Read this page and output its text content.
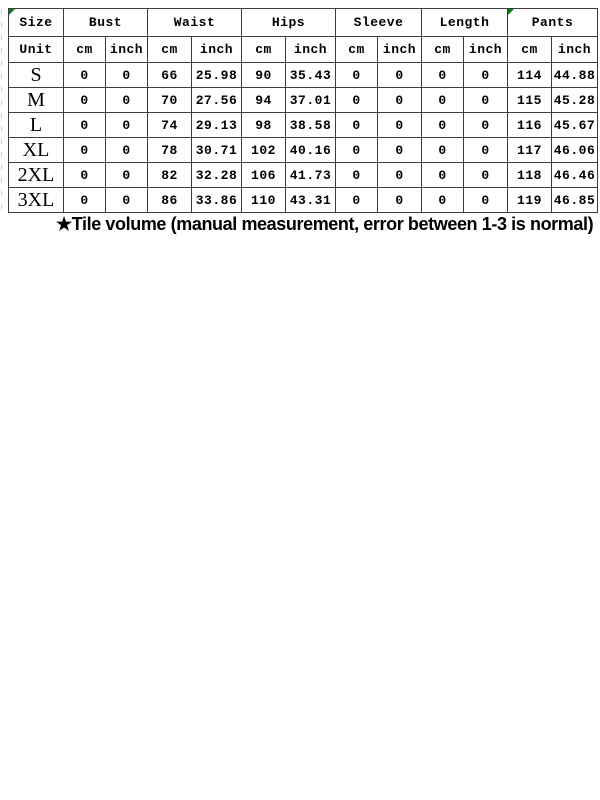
Size	Bust		Waist		Hips		Sleeve		Length		Pants	
Unit	cm	inch	cm	inch	cm	inch	cm	inch	cm	inch	cm	inch
S	0	0	66	25.98	90	35.43	0	0	0	0	114	44.88
M	0	0	70	27.56	94	37.01	0	0	0	0	115	45.28
L	0	0	74	29.13	98	38.58	0	0	0	0	116	45.67
XL	0	0	78	30.71	102	40.16	0	0	0	0	117	46.06
2XL	0	0	82	32.28	106	41.73	0	0	0	0	118	46.46
3XL	0	0	86	33.86	110	43.31	0	0	0	0	119	46.85
★Tile volume (manual measurement, error between 1-3 is normal)
